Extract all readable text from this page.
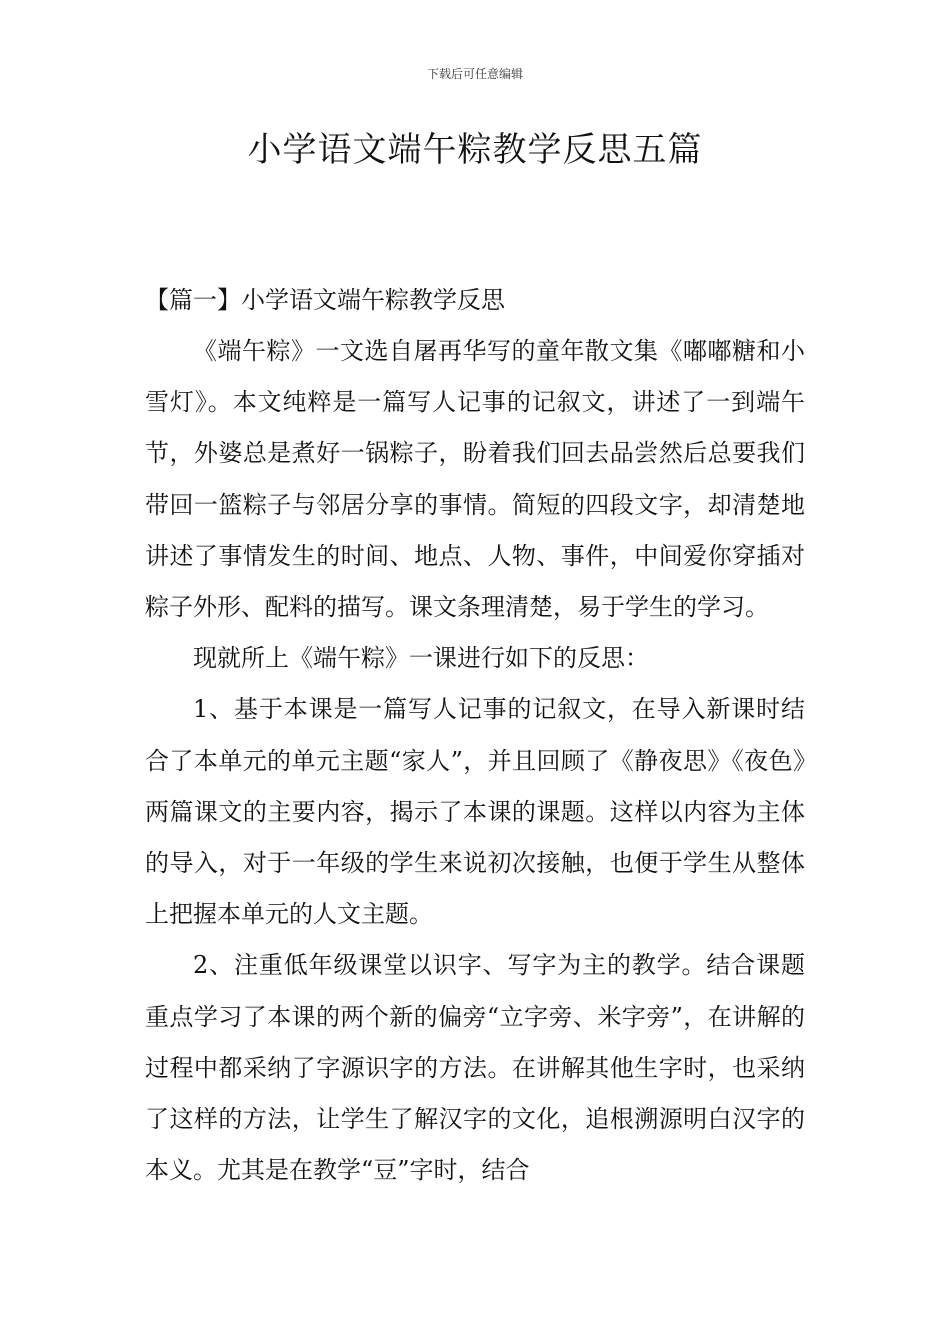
下载后可任意编辑
小学语文端午粽教学反思五篇
【篇一】小学语文端午粽教学反思

《端午粽》一文选自屠再华写的童年散文集《嘟嘟糖和小雪灯》。本文纯粹是一篇写人记事的记叙文，讲述了一到端午节，外婆总是煮好一锅粽子，盼着我们回去品尝然后总要我们带回一篮粽子与邻居分享的事情。简短的四段文字，却清楚地讲述了事情发生的时间、地点、人物、事件，中间爱你穿插对粽子外形、配料的描写。课文条理清楚，易于学生的学习。

现就所上《端午粽》一课进行如下的反思：

1、基于本课是一篇写人记事的记叙文，在导入新课时结合了本单元的单元主题“家人”，并且回顾了《静夜思》《夜色》两篇课文的主要内容，揭示了本课的课题。这样以内容为主体的导入，对于一年级的学生来说初次接触，也便于学生从整体上把握本单元的人文主题。

2、注重低年级课堂以识字、写字为主的教学。结合课题重点学习了本课的两个新的偏旁“立字旁、米字旁”，在讲解的过程中都采纳了字源识字的方法。在讲解其他生字时，也采纳了这样的方法，让学生了解汉字的文化，追根溯源明白汉字的本义。尤其是在教学“豆”字时，结合
